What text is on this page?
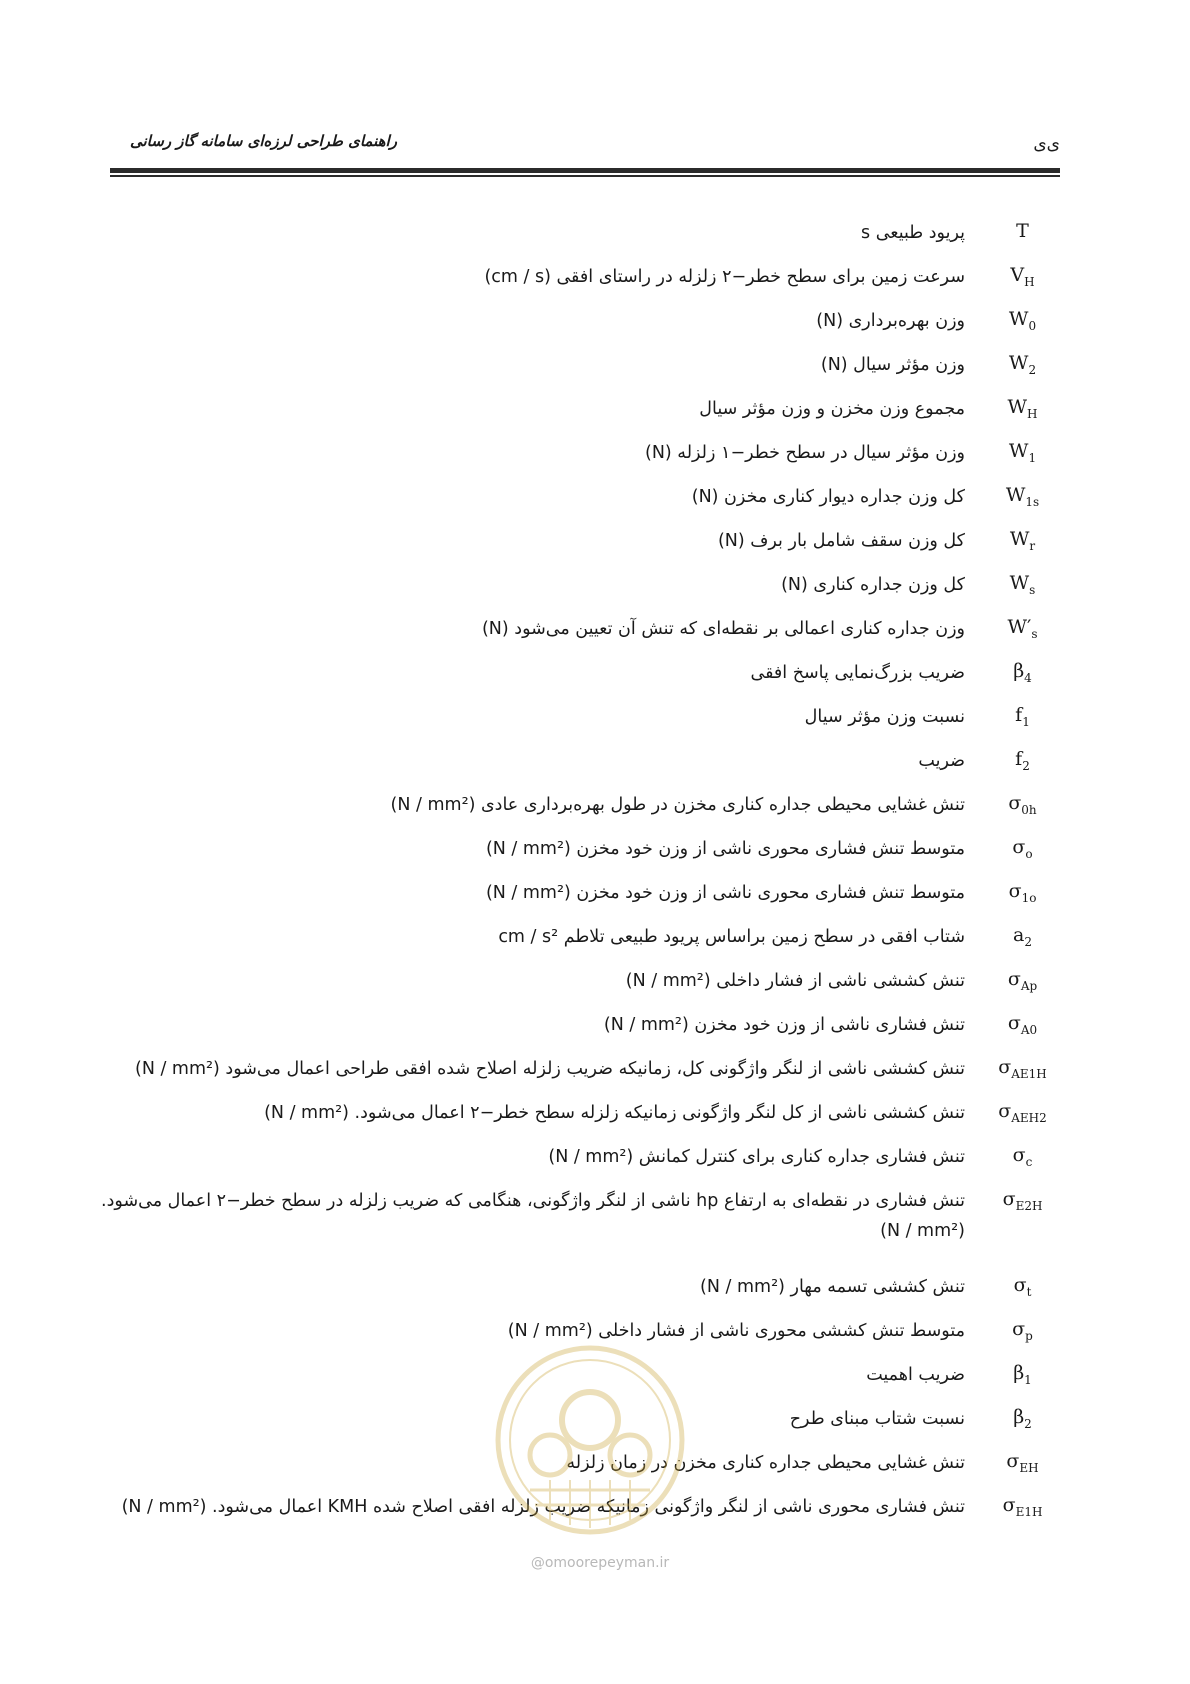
ی‌ی
راهنمای طراحی لرزه‌ای سامانه گاز رسانی
T
پریود طبیعی s
$V_H$
سرعت زمین برای سطح خطر−۲ زلزله در راستای افقی (cm / s)
$W_0$
وزن بهره‌برداری (N)
$W_2$
وزن مؤثر سیال (N)
$W_H$
مجموع وزن مخزن و وزن مؤثر سیال
$W_1$
وزن مؤثر سیال در سطح خطر−۱ زلزله (N)
$W_{1s}$
کل وزن جداره دیوار کناری مخزن (N)
$W_r$
کل وزن سقف شامل بار برف (N)
$W_s$
کل وزن جداره کناری (N)
$W'_s$
وزن جداره کناری اعمالی بر نقطه‌ای که تنش آن تعیین می‌شود (N)
$\beta_4$
ضریب بزرگ‌نمایی پاسخ افقی
$f_1$
نسبت وزن مؤثر سیال
$f_2$
ضریب
$\sigma_{0h}$
تنش غشایی محیطی جداره کناری مخزن در طول بهره‌برداری عادی (N / mm²)
$\sigma_o$
متوسط تنش فشاری محوری ناشی از وزن خود مخزن (N / mm²)
$\sigma_{1o}$
متوسط تنش فشاری محوری ناشی از وزن خود مخزن (N / mm²)
$a_2$
شتاب افقی در سطح زمین براساس پریود طبیعی تلاطم cm / s²
$\sigma_{Ap}$
تنش کششی ناشی از فشار داخلی (N / mm²)
$\sigma_{A0}$
تنش فشاری ناشی از وزن خود مخزن (N / mm²)
$\sigma_{AE1H}$
تنش کششی ناشی از لنگر واژگونی کل، زمانیکه ضریب زلزله اصلاح شده افقی طراحی اعمال می‌شود (N / mm²)
$\sigma_{AEH2}$
تنش کششی ناشی از کل لنگر واژگونی زمانیکه زلزله سطح خطر−۲ اعمال می‌شود. (N / mm²)
$\sigma_c$
تنش فشاری جداره کناری برای کنترل کمانش (N / mm²)
$\sigma_{E2H}$
تنش فشاری در نقطه‌ای به ارتفاع hp ناشی از لنگر واژگونی، هنگامی که ضریب زلزله در سطح خطر−۲ اعمال می‌شود. (N / mm²)
$\sigma_t$
تنش کششی تسمه مهار (N / mm²)
$\sigma_p$
متوسط تنش کششی محوری ناشی از فشار داخلی (N / mm²)
$\beta_1$
ضریب اهمیت
$\beta_2$
نسبت شتاب مبنای طرح
$\sigma_{EH}$
تنش غشایی محیطی جداره کناری مخزن در زمان زلزله
$\sigma_{E1H}$
تنش فشاری محوری ناشی از لنگر واژگونی زمانیکه ضریب زلزله افقی اصلاح شده KMH اعمال می‌شود. (N / mm²)
@omoorepeyman.ir
